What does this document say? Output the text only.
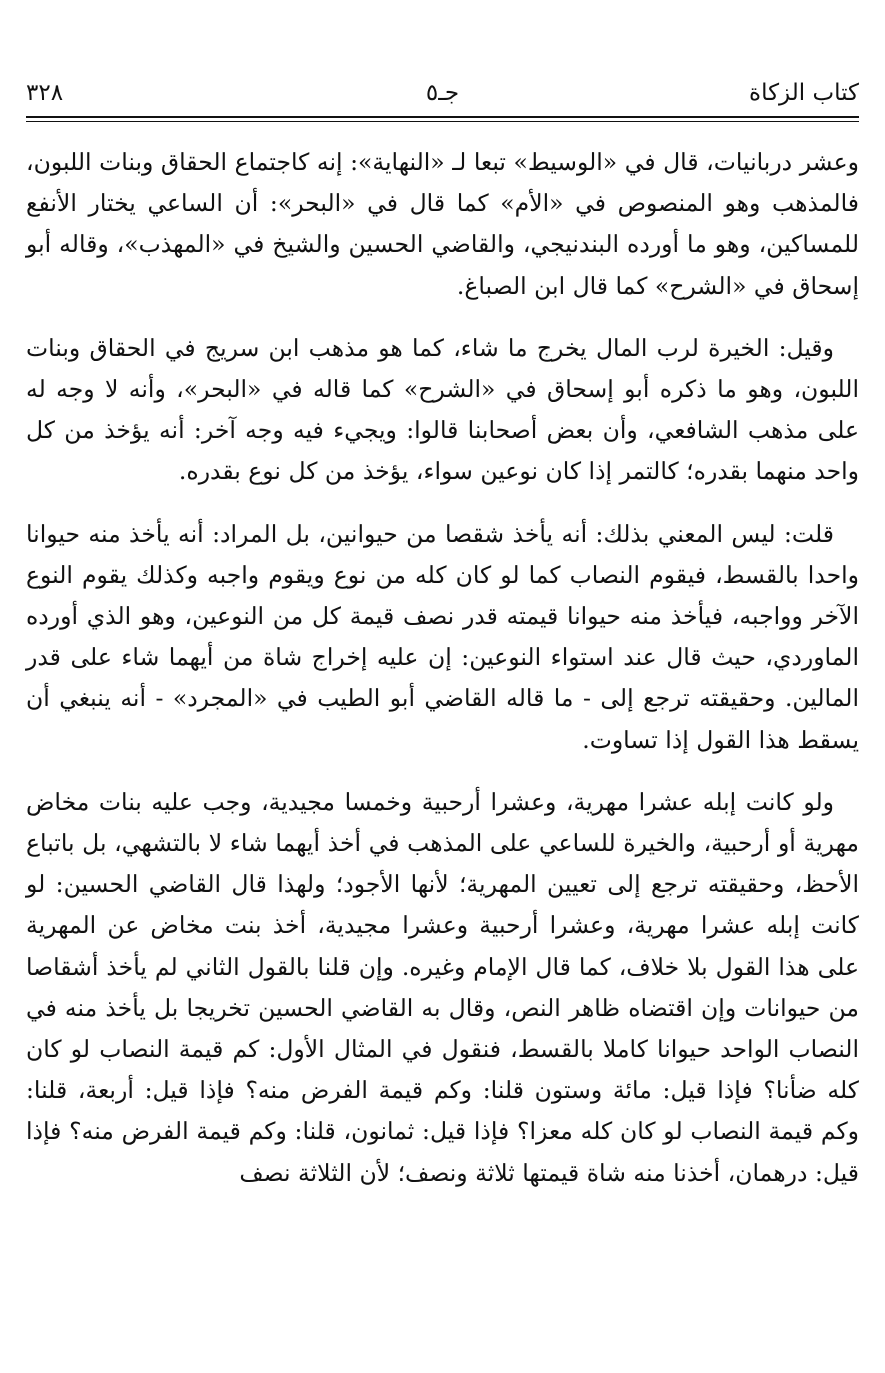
٣٢٨	جـ٥	كتاب الزكاة

وعشر دربانيات، قال في «الوسيط» تبعا لـ «النهاية»: إنه كاجتماع الحقاق وبنات اللبون، فالمذهب وهو المنصوص في «الأم» كما قال في «البحر»: أن الساعي يختار الأنفع للمساكين، وهو ما أورده البندنيجي، والقاضي الحسين والشيخ في «المهذب»، وقاله أبو إسحاق في «الشرح» كما قال ابن الصباغ.

وقيل: الخيرة لرب المال يخرج ما شاء، كما هو مذهب ابن سريج في الحقاق وبنات اللبون، وهو ما ذكره أبو إسحاق في «الشرح» كما قاله في «البحر»، وأنه لا وجه له على مذهب الشافعي، وأن بعض أصحابنا قالوا: ويجيء فيه وجه آخر: أنه يؤخذ من كل واحد منهما بقدره؛ كالتمر إذا كان نوعين سواء، يؤخذ من كل نوع بقدره.

قلت: ليس المعني بذلك: أنه يأخذ شقصا من حيوانين، بل المراد: أنه يأخذ منه حيوانا واحدا بالقسط، فيقوم النصاب كما لو كان كله من نوع ويقوم واجبه وكذلك يقوم النوع الآخر وواجبه، فيأخذ منه حيوانا قيمته قدر نصف قيمة كل من النوعين، وهو الذي أورده الماوردي، حيث قال عند استواء النوعين: إن عليه إخراج شاة من أيهما شاء على قدر المالين. وحقيقته ترجع إلى - ما قاله القاضي أبو الطيب في «المجرد» - أنه ينبغي أن يسقط هذا القول إذا تساوت.

ولو كانت إبله عشرا مهرية، وعشرا أرحبية وخمسا مجيدية، وجب عليه بنات مخاض مهرية أو أرحبية، والخيرة للساعي على المذهب في أخذ أيهما شاء لا بالتشهي، بل باتباع الأحظ، وحقيقته ترجع إلى تعيين المهرية؛ لأنها الأجود؛ ولهذا قال القاضي الحسين: لو كانت إبله عشرا مهرية، وعشرا أرحبية وعشرا مجيدية، أخذ بنت مخاض عن المهرية على هذا القول بلا خلاف، كما قال الإمام وغيره. وإن قلنا بالقول الثاني لم يأخذ أشقاصا من حيوانات وإن اقتضاه ظاهر النص، وقال به القاضي الحسين تخريجا بل يأخذ منه في النصاب الواحد حيوانا كاملا بالقسط، فنقول في المثال الأول: كم قيمة النصاب لو كان كله ضأنا؟ فإذا قيل: مائة وستون قلنا: وكم قيمة الفرض منه؟ فإذا قيل: أربعة، قلنا: وكم قيمة النصاب لو كان كله معزا؟ فإذا قيل: ثمانون، قلنا: وكم قيمة الفرض منه؟ فإذا قيل: درهمان، أخذنا منه شاة قيمتها ثلاثة ونصف؛ لأن الثلاثة نصف
